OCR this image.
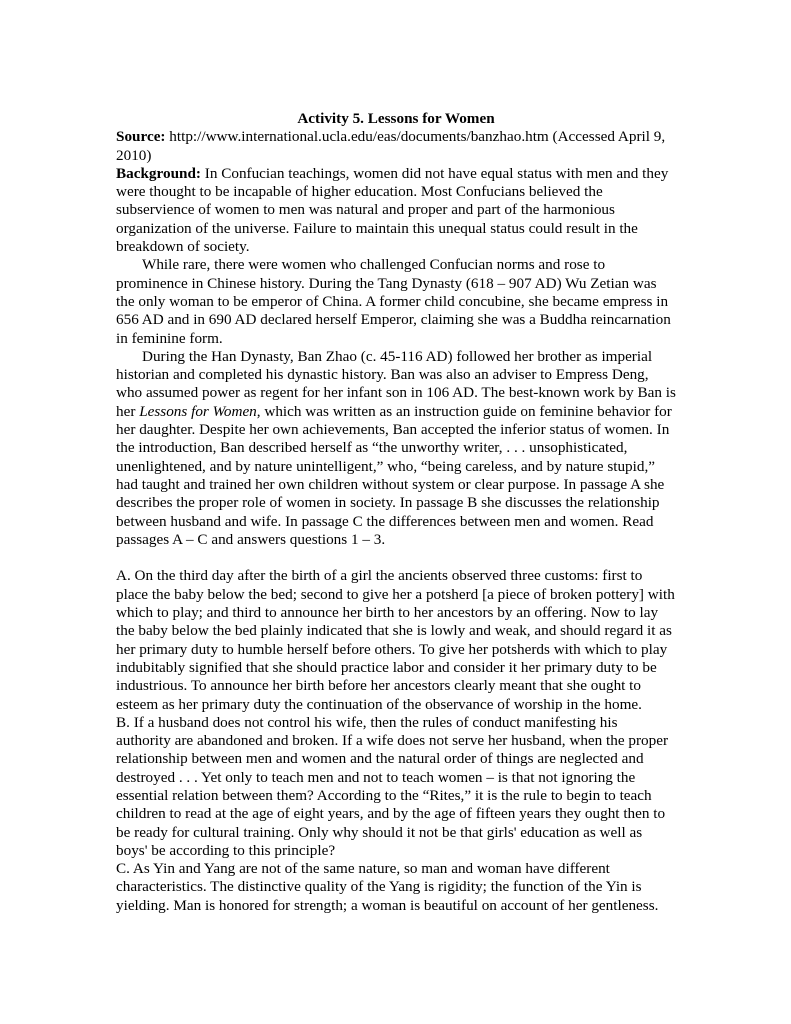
Activity 5. Lessons for Women

Source: http://www.international.ucla.edu/eas/documents/banzhao.htm (Accessed April 9, 2010)

Background: In Confucian teachings, women did not have equal status with men and they were thought to be incapable of higher education. Most Confucians believed the subservience of women to men was natural and proper and part of the harmonious organization of the universe. Failure to maintain this unequal status could result in the breakdown of society.

While rare, there were women who challenged Confucian norms and rose to prominence in Chinese history. During the Tang Dynasty (618 – 907 AD) Wu Zetian was the only woman to be emperor of China. A former child concubine, she became empress in 656 AD and in 690 AD declared herself Emperor, claiming she was a Buddha reincarnation in feminine form.

During the Han Dynasty, Ban Zhao (c. 45-116 AD) followed her brother as imperial historian and completed his dynastic history. Ban was also an adviser to Empress Deng, who assumed power as regent for her infant son in 106 AD. The best-known work by Ban is her Lessons for Women, which was written as an instruction guide on feminine behavior for her daughter. Despite her own achievements, Ban accepted the inferior status of women. In the introduction, Ban described herself as “the unworthy writer, . . . unsophisticated, unenlightened, and by nature unintelligent,” who, “being careless, and by nature stupid,” had taught and trained her own children without system or clear purpose. In passage A she describes the proper role of women in society. In passage B she discusses the relationship between husband and wife. In passage C the differences between men and women. Read passages A – C and answers questions 1 – 3.

A. On the third day after the birth of a girl the ancients observed three customs: first to place the baby below the bed; second to give her a potsherd [a piece of broken pottery] with which to play; and third to announce her birth to her ancestors by an offering. Now to lay the baby below the bed plainly indicated that she is lowly and weak, and should regard it as her primary duty to humble herself before others. To give her potsherds with which to play indubitably signified that she should practice labor and consider it her primary duty to be industrious. To announce her birth before her ancestors clearly meant that she ought to esteem as her primary duty the continuation of the observance of worship in the home.

B. If a husband does not control his wife, then the rules of conduct manifesting his authority are abandoned and broken. If a wife does not serve her husband, when the proper relationship between men and women and the natural order of things are neglected and destroyed . . . Yet only to teach men and not to teach women – is that not ignoring the essential relation between them? According to the “Rites,” it is the rule to begin to teach children to read at the age of eight years, and by the age of fifteen years they ought then to be ready for cultural training. Only why should it not be that girls' education as well as boys' be according to this principle?

C. As Yin and Yang are not of the same nature, so man and woman have different characteristics. The distinctive quality of the Yang is rigidity; the function of the Yin is yielding. Man is honored for strength; a woman is beautiful on account of her gentleness.
